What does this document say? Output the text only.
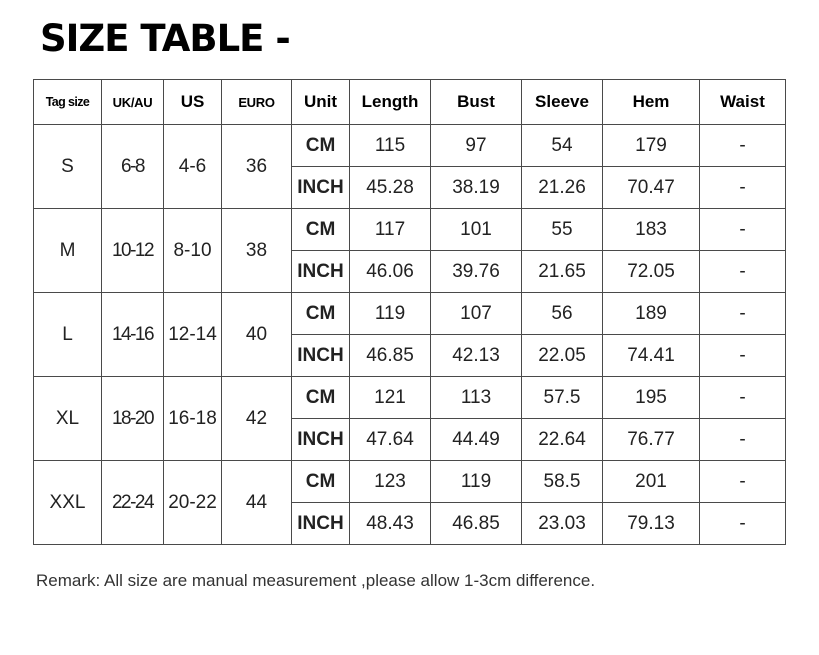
SIZE TABLE -
Tag size	UK/AU	US	EURO	Unit	Length	Bust	Sleeve	Hem	Waist
S	6-8	4-6	36	CM	115	97	54	179	-
				INCH	45.28	38.19	21.26	70.47	-
M	10-12	8-10	38	CM	117	101	55	183	-
				INCH	46.06	39.76	21.65	72.05	-
L	14-16	12-14	40	CM	119	107	56	189	-
				INCH	46.85	42.13	22.05	74.41	-
XL	18-20	16-18	42	CM	121	113	57.5	195	-
				INCH	47.64	44.49	22.64	76.77	-
XXL	22-24	20-22	44	CM	123	119	58.5	201	-
				INCH	48.43	46.85	23.03	79.13	-
Remark: All size are manual measurement ,please allow 1-3cm difference.
